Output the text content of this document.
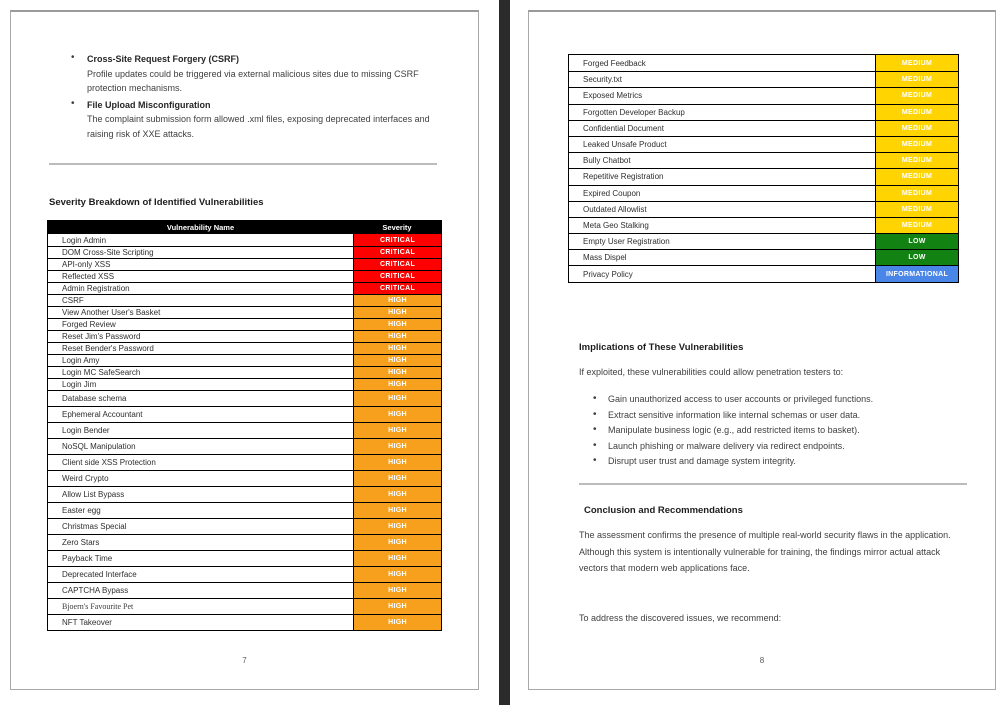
• Cross-Site Request Forgery (CSRF)
Profile updates could be triggered via external malicious sites due to missing CSRF protection mechanisms.
• File Upload Misconfiguration
The complaint submission form allowed .xml files, exposing deprecated interfaces and raising risk of XXE attacks.
Severity Breakdown of Identified Vulnerabilities
Vulnerability Name	Severity
Login Admin	CRITICAL
DOM Cross-Site Scripting	CRITICAL
API-only XSS	CRITICAL
Reflected XSS	CRITICAL
Admin Registration	CRITICAL
CSRF	HIGH
View Another User's Basket	HIGH
Forged Review	HIGH
Reset Jim's Password	HIGH
Reset Bender's Password	HIGH
Login Amy	HIGH
Login MC SafeSearch	HIGH
Login Jim	HIGH
Database schema	HIGH
Ephemeral Accountant	HIGH
Login Bender	HIGH
NoSQL Manipulation	HIGH
Client side XSS Protection	HIGH
Weird Crypto	HIGH
Allow List Bypass	HIGH
Easter egg	HIGH
Christmas Special	HIGH
Zero Stars	HIGH
Payback Time	HIGH
Deprecated Interface	HIGH
CAPTCHA Bypass	HIGH
Bjoern's Favourite Pet	HIGH
NFT Takeover	HIGH
7
Forged Feedback	MEDIUM
Security.txt	MEDIUM
Exposed Metrics	MEDIUM
Forgotten Developer Backup	MEDIUM
Confidential Document	MEDIUM
Leaked Unsafe Product	MEDIUM
Bully Chatbot	MEDIUM
Repetitive Registration	MEDIUM
Expired Coupon	MEDIUM
Outdated Allowlist	MEDIUM
Meta Geo Stalking	MEDIUM
Empty User Registration	LOW
Mass Dispel	LOW
Privacy Policy	INFORMATIONAL
Implications of These Vulnerabilities
If exploited, these vulnerabilities could allow penetration testers to:
• Gain unauthorized access to user accounts or privileged functions.
• Extract sensitive information like internal schemas or user data.
• Manipulate business logic (e.g., add restricted items to basket).
• Launch phishing or malware delivery via redirect endpoints.
• Disrupt user trust and damage system integrity.
Conclusion and Recommendations
The assessment confirms the presence of multiple real-world security flaws in the application. Although this system is intentionally vulnerable for training, the findings mirror actual attack vectors that modern web applications face.
To address the discovered issues, we recommend:
8
